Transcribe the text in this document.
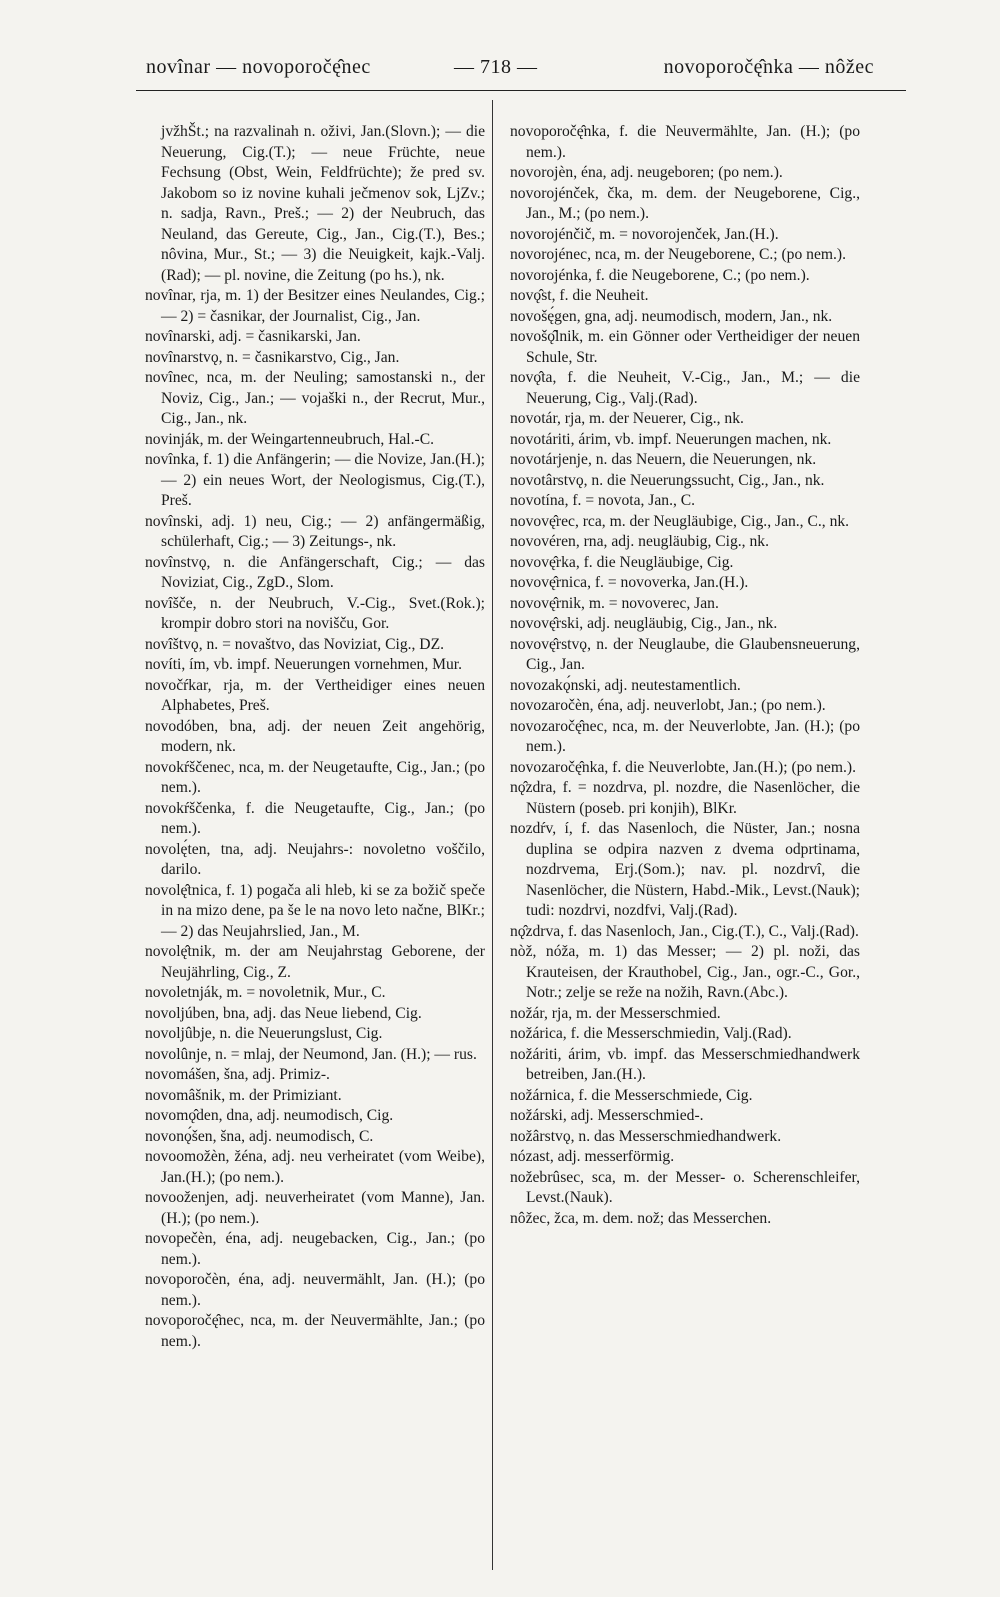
novînar — novoporočę̂nec	— 718 —	novoporočę̂nka — nôžec

jvžhŠt.; na razvalinah n. oživi, Jan.(Slovn.); — die Neuerung, Cig.(T.); — neue Früchte, neue Fechsung (Obst, Wein, Feldfrüchte); že pred sv. Jakobom so iz novine kuhali ječmenov sok, LjZv.; n. sadja, Ravn., Preš.; — 2) der Neubruch, das Neuland, das Gereute, Cig., Jan., Cig.(T.), Bes.; nôvina, Mur., St.; — 3) die Neuigkeit, kajk.-Valj. (Rad); — pl. novine, die Zeitung (po hs.), nk.

novînar, rja, m. 1) der Besitzer eines Neulandes, Cig.; — 2) = časnikar, der Journalist, Cig., Jan.

novînarski, adj. = časnikarski, Jan.

novînarstvǫ, n. = časnikarstvo, Cig., Jan.

novînec, nca, m. der Neuling; samostanski n., der Noviz, Cig., Jan.; — vojaški n., der Recrut, Mur., Cig., Jan., nk.

novinják, m. der Weingartenneubruch, Hal.-C.

novînka, f. 1) die Anfängerin; — die Novize, Jan.(H.); — 2) ein neues Wort, der Neologismus, Cig.(T.), Preš.

novînski, adj. 1) neu, Cig.; — 2) anfängermäßig, schülerhaft, Cig.; — 3) Zeitungs-, nk.

novînstvǫ, n. die Anfängerschaft, Cig.; — das Noviziat, Cig., ZgD., Slom.

novîšče, n. der Neubruch, V.-Cig., Svet.(Rok.); krompir dobro stori na novišču, Gor.

novîštvǫ, n. = novaštvo, das Noviziat, Cig., DZ.

novíti, ím, vb. impf. Neuerungen vornehmen, Mur.

novočŕkar, rja, m. der Vertheidiger eines neuen Alphabetes, Preš.

novodóben, bna, adj. der neuen Zeit angehörig, modern, nk.

novokŕščenec, nca, m. der Neugetaufte, Cig., Jan.; (po nem.).

novokŕščenka, f. die Neugetaufte, Cig., Jan.; (po nem.).

novolę́ten, tna, adj. Neujahrs-: novoletno voščilo, darilo.

novolę̂tnica, f. 1) pogača ali hleb, ki se za božič speče in na mizo dene, pa še le na novo leto načne, BlKr.; — 2) das Neujahrslied, Jan., M.

novolę̂tnik, m. der am Neujahrstag Geborene, der Neujährling, Cig., Z.

novoletnják, m. = novoletnik, Mur., C.

novoljúben, bna, adj. das Neue liebend, Cig.

novoljûbje, n. die Neuerungslust, Cig.

novolûnje, n. = mlaj, der Neumond, Jan. (H.); — rus.

novomášen, šna, adj. Primiz-.

novomâšnik, m. der Primiziant.

novomǫ̂den, dna, adj. neumodisch, Cig.

novonǫ́šen, šna, adj. neumodisch, C.

novoomožèn, žéna, adj. neu verheiratet (vom Weibe), Jan.(H.); (po nem.).

novooženjen, adj. neuverheiratet (vom Manne), Jan.(H.); (po nem.).

novopečèn, éna, adj. neugebacken, Cig., Jan.; (po nem.).

novoporočèn, éna, adj. neuvermählt, Jan. (H.); (po nem.).

novoporočę̂nec, nca, m. der Neuvermählte, Jan.; (po nem.).

novoporočę̂nka, f. die Neuvermählte, Jan. (H.); (po nem.).

novorojèn, éna, adj. neugeboren; (po nem.).

novorojénček, čka, m. dem. der Neugeborene, Cig., Jan., M.; (po nem.).

novorojénčič, m. = novorojenček, Jan.(H.).

novorojénec, nca, m. der Neugeborene, C.; (po nem.).

novorojénka, f. die Neugeborene, C.; (po nem.).

novǫ̂st, f. die Neuheit.

novošę́gen, gna, adj. neumodisch, modern, Jan., nk.

novošǫ̂lnik, m. ein Gönner oder Vertheidiger der neuen Schule, Str.

novǫ̂ta, f. die Neuheit, V.-Cig., Jan., M.; — die Neuerung, Cig., Valj.(Rad).

novotár, rja, m. der Neuerer, Cig., nk.

novotáriti, árim, vb. impf. Neuerungen machen, nk.

novotárjenje, n. das Neuern, die Neuerungen, nk.

novotârstvǫ, n. die Neuerungssucht, Cig., Jan., nk.

novotína, f. = novota, Jan., C.

novovę̂rec, rca, m. der Neugläubige, Cig., Jan., C., nk.

novovéren, rna, adj. neugläubig, Cig., nk.

novovę̂rka, f. die Neugläubige, Cig.

novovę̂rnica, f. = novoverka, Jan.(H.).

novovę̂rnik, m. = novoverec, Jan.

novovę̂rski, adj. neugläubig, Cig., Jan., nk.

novovę̂rstvǫ, n. der Neuglaube, die Glaubensneuerung, Cig., Jan.

novozakǫ́nski, adj. neutestamentlich.

novozaročèn, éna, adj. neuverlobt, Jan.; (po nem.).

novozaročę̂nec, nca, m. der Neuverlobte, Jan. (H.); (po nem.).

novozaročę̂nka, f. die Neuverlobte, Jan.(H.); (po nem.).

nǫ̂zdra, f. = nozdrva, pl. nozdre, die Nasenlöcher, die Nüstern (poseb. pri konjih), BlKr.

nozdŕv, í, f. das Nasenloch, die Nüster, Jan.; nosna duplina se odpira nazven z dvema odprtinama, nozdrvema, Erj.(Som.); nav. pl. nozdrvî, die Nasenlöcher, die Nüstern, Habd.-Mik., Levst.(Nauk); tudi: nozdrvi, nozdfvi, Valj.(Rad).

nǫ̂zdrva, f. das Nasenloch, Jan., Cig.(T.), C., Valj.(Rad).

nòž, nóža, m. 1) das Messer; — 2) pl. noži, das Krauteisen, der Krauthobel, Cig., Jan., ogr.-C., Gor., Notr.; zelje se reže na nožih, Ravn.(Abc.).

nožár, rja, m. der Messerschmied.

nožárica, f. die Messerschmiedin, Valj.(Rad).

nožáriti, árim, vb. impf. das Messerschmiedhandwerk betreiben, Jan.(H.).

nožárnica, f. die Messerschmiede, Cig.

nožárski, adj. Messerschmied-.

nožârstvǫ, n. das Messerschmiedhandwerk.

nózast, adj. messerförmig.

nožebrûsec, sca, m. der Messer- o. Scherenschleifer, Levst.(Nauk).

nôžec, žca, m. dem. nož; das Messerchen.
